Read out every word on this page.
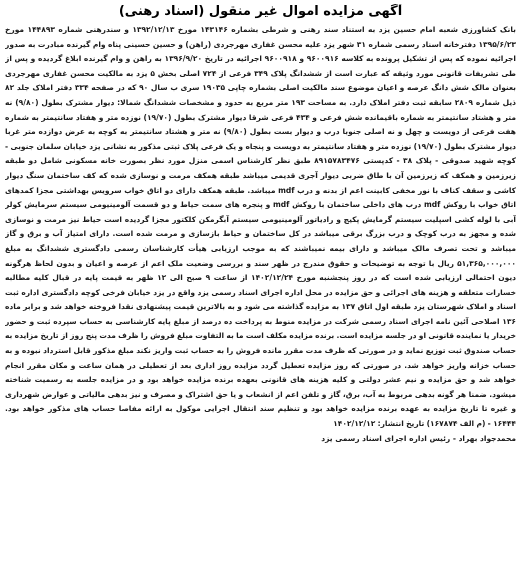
آگهی مزایده اموال غیر منقول (اسناد رهنی)

بانک کشاورزی شعبه امام حسین یزد به استناد سند رهنی و شرطی بشماره ۱۴۳۱۴۶ مورخ ۱۳۹۲/۱۲/۱۳ و سندرهنی شماره ۱۴۴۸۹۳ مورخ ۱۳۹۵/۶/۲۳ دفترخانه اسناد رسمی شماره ۳۱ شهر یزد علیه محسن غفاری مهرجردی (راهن) و حسین حسینی پناه وام گیرنده مبادرت به صدور اجرائیه نموده که پس از تشکیل پرونده به کلاسه ۹۶۰۰۹۱۶ و ۹۶۰۰۹۱۸ اجرائیه در تاریخ ۱۳۹۶/۹/۲۰ به راهن و وام گیرنده ابلاغ گردیده و پس از طی تشریفات قانونی مورد وثیقه که عبارت است از ششدانگ پلاک ۳۴۹ فرعی از ۷۲۴ اصلی بخش ۵ یزد به مالکیت محسن غفاری مهرجردی بعنوان مالک شش دانگ عرصه و اعیان موضوع سند مالکیت اصلی بشماره چاپی ۱۹۰۳۵ سری ب سال ۹۰ که در صفحه ۳۳۴ دفتر املاک جلد ۸۲ ذیل شماره ۲۸۰۹ سابقه ثبت دفتر املاک دارد. به مساحت ۱۹۳ متر مربع به حدود و مشخصات ششدانگ شمالا: دیوار مشترک بطول (۹/۸۰) نه متر و هشتاد سانتیمتر به شماره باقیمانده شش فرعی و ۴۳۴ فرعی شرقا دیوار مشترک بطول (۱۹/۷۰) نوزده متر و هفتاد سانتیمتر به شماره هفت فرعی از دویست و چهل و نه اصلی جنوبا درب و دیوار بست بطول (۹/۸۰) نه متر و هشتاد سانتیمتر به کوچه به عرض دوازده متر غربا دیوار مشترک بطول (۱۹/۷۰) نوزده متر و هفتاد سانتیمتر به دویست و پنجاه و یک فرعی پلاک ثبتی مذکور به نشانی یزد خیابان سلمان جنوبی - کوچه شهید صدوقی - پلاک ۳۸ - کدپستی ۸۹۱۵۷۸۳۴۷۶ طبق نظر کارشناس اسمی منزل مورد نظر بصورت خانه مسکونی شامل دو طبقه زیرزمین و همکف که زیرزمین آن با طاق ضربی دیوار آجری قدیمی میباشد طبقه همکف مرمت و نوسازی شده که کف ساختمان سنگ دیوار کاشی و سقف کناف با نور مخفی کابینت اعم از بدنه و درب mdf میباشد. طبقه همکف دارای دو اتاق خواب سرویس بهداشتی مجزا کمدهای اتاق خواب با روکش mdf درب های داخلی ساختمان با روکش mdf و پنجره های سمت حیاط و دو قسمت آلومینیومی سیستم سرمایش کولر آبی با لوله کشی اسپلیت سیستم گرمایش پکیج و رادیاتور آلومینیومی سیستم آبگرمکن کلکتور مجزا گردیده است حیاط نیز مرمت و نوسازی شده و مجهز به درب کوچک و درب بزرگ برقی میباشد در کل ساختمان و حیاط بازسازی و مرمت شده است. دارای امتیاز آب و برق و گاز میباشد و تحت تصرف مالک میباشد و دارای بیمه نمیباشند که به موجب ارزیابی هیأت کارشناسان رسمی دادگستری ششدانگ به مبلغ ۵۱,۳۶۵,۰۰۰,۰۰۰ ریال با توجه به توضیحات و حقوق مندرج در ظهر سند و بررسی وضعیت ملک اعم از عرصه و اعیان و بدون لحاظ هرگونه دیون احتمالی ارزیابی شده است که در روز پنجشنبه مورخ ۱۴۰۲/۱۲/۲۴ از ساعت ۹ صبح الی ۱۲ ظهر به قیمت پایه در قبال کلیه مطالبه خسارات متعلقه و هزینه های اجرائی و حق مزایده در محل اداره اجرای اسناد رسمی یزد واقع در یزد خیابان فرخی کوچه دادگستری اداره ثبت اسناد و املاک شهرستان یزد طبقه اول اتاق ۱۳۷ به مزایده گذاشته می شود و به بالاترین قیمت پیشنهادی نقدا فروخته خواهد شد و برابر ماده ۱۳۶ اصلاحی آئین نامه اجرای اسناد رسمی شرکت در مزایده منوط به پرداخت ده درصد از مبلغ پایه کارشناسی به حساب سپرده ثبت و حضور خریدار یا نماینده قانونی او در جلسه مزایده است. برنده مزایده مکلف است ما به التفاوت مبلغ فروش را ظرف مدت پنج روز از تاریخ مزایده به حساب صندوق ثبت توزیع نماید و در صورتی که ظرف مدت مقرر مانده فروش را به حساب ثبت واریز نکند مبلغ مذکور قابل استرداد نبوده و به حساب خزانه واریز خواهد شد. در صورتی که روز مزایده تعطیل گردد مزایده روز اداری بعد از تعطیلی در همان ساعت و مکان مقرر انجام خواهد شد و حق مزایده و نیم عشر دولتی و کلیه هزینه های قانونی بعهده برنده مزایده خواهد بود و در مزایده جلسه به رسمیت شناخته میشود. ضمنا هر گونه بدهی مربوط به آب، برق، گاز و تلفن اعم از انشعاب و یا حق اشتراک و مصرف و نیز بدهی مالیاتی و عوارض شهرداری و غیره تا تاریخ مزایده به عهده برنده مزایده خواهد بود و تنظیم سند انتقال اجرایی موکول به ارائه مفاصا حساب های مذکور خواهد بود. ۱۶۴۴۴ - (م الف ۱۶۷۸۷۴) تاریخ انتشار: ۱۴۰۲/۱۲/۱۲

محمدجواد بهراد - رئیس اداره اجرای اسناد رسمی یزد
